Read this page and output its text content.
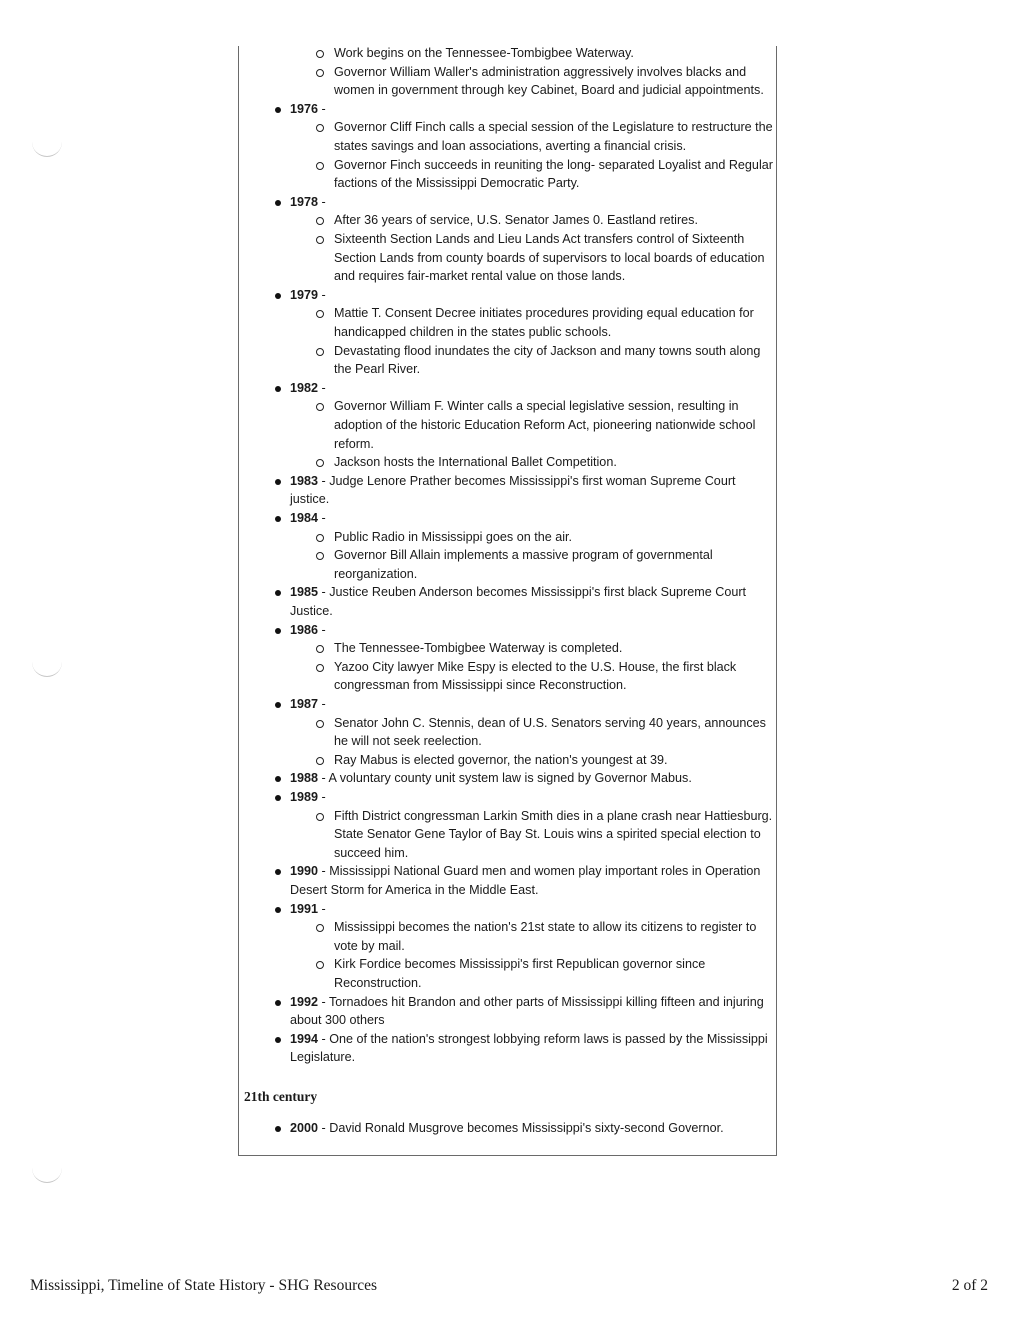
Work begins on the Tennessee-Tombigbee Waterway.
Governor William Waller's administration aggressively involves blacks and women in government through key Cabinet, Board and judicial appointments.
1976 -
Governor Cliff Finch calls a special session of the Legislature to restructure the states savings and loan associations, averting a financial crisis.
Governor Finch succeeds in reuniting the long- separated Loyalist and Regular factions of the Mississippi Democratic Party.
1978 -
After 36 years of service, U.S. Senator James 0. Eastland retires.
Sixteenth Section Lands and Lieu Lands Act transfers control of Sixteenth Section Lands from county boards of supervisors to local boards of education and requires fair-market rental value on those lands.
1979 -
Mattie T. Consent Decree initiates procedures providing equal education for handicapped children in the states public schools.
Devastating flood inundates the city of Jackson and many towns south along the Pearl River.
1982 -
Governor William F. Winter calls a special legislative session, resulting in adoption of the historic Education Reform Act, pioneering nationwide school reform.
Jackson hosts the International Ballet Competition.
1983 - Judge Lenore Prather becomes Mississippi's first woman Supreme Court justice.
1984 -
Public Radio in Mississippi goes on the air.
Governor Bill Allain implements a massive program of governmental reorganization.
1985 - Justice Reuben Anderson becomes Mississippi's first black Supreme Court Justice.
1986 -
The Tennessee-Tombigbee Waterway is completed.
Yazoo City lawyer Mike Espy is elected to the U.S. House, the first black congressman from Mississippi since Reconstruction.
1987 -
Senator John C. Stennis, dean of U.S. Senators serving 40 years, announces he will not seek reelection.
Ray Mabus is elected governor, the nation's youngest at 39.
1988 - A voluntary county unit system law is signed by Governor Mabus.
1989 -
Fifth District congressman Larkin Smith dies in a plane crash near Hattiesburg. State Senator Gene Taylor of Bay St. Louis wins a spirited special election to succeed him.
1990 - Mississippi National Guard men and women play important roles in Operation Desert Storm for America in the Middle East.
1991 -
Mississippi becomes the nation's 21st state to allow its citizens to register to vote by mail.
Kirk Fordice becomes Mississippi's first Republican governor since Reconstruction.
1992 - Tornadoes hit Brandon and other parts of Mississippi killing fifteen and injuring about 300 others
1994 - One of the nation's strongest lobbying reform laws is passed by the Mississippi Legislature.
21th century
2000 - David Ronald Musgrove becomes Mississippi's sixty-second Governor.
Mississippi, Timeline of State History - SHG Resources	2 of 2
